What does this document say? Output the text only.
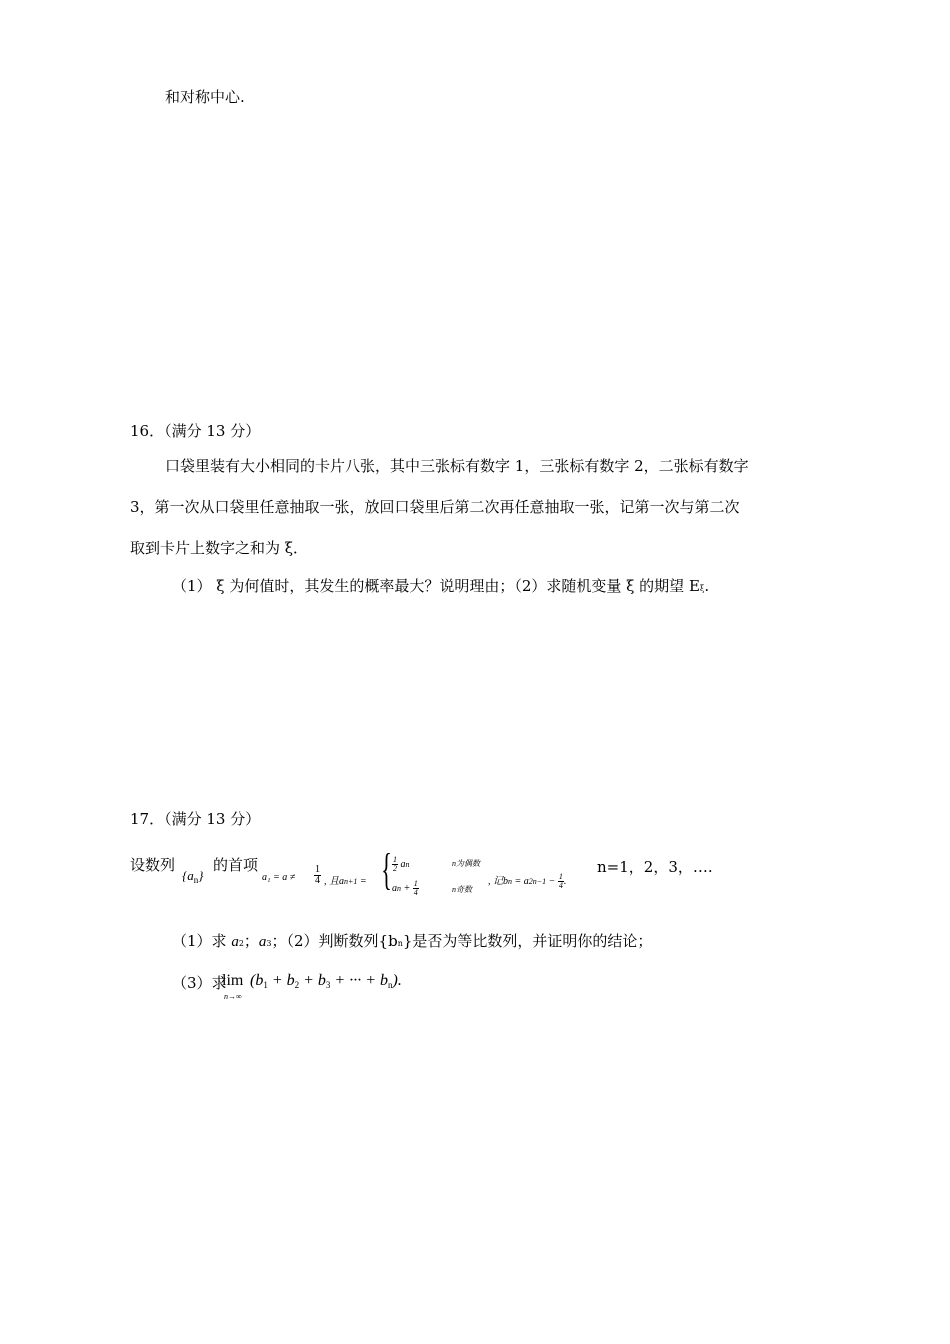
和对称中心.
16．（满分 13 分）
口袋里装有大小相同的卡片八张，其中三张标有数字 1，三张标有数字 2，二张标有数字
3，第一次从口袋里任意抽取一张，放回口袋里后第二次再任意抽取一张，记第一次与第二次
取到卡片上数字之和为 ξ．
（1） ξ 为何值时，其发生的概率最大？说明理由；（2）求随机变量 ξ 的期望 Eξ.
17．（满分 13 分）
设数列
$\{a_n\}$
的首项
$a_1 = a \ne \frac{1}{4}$ , 且an+1 = { $\frac{1}{2}$ an	n为偶数
an + $\frac{1}{4}$	n奇数
, 记bn = $a2n-1 - \frac{1}{4}$ .
n=1，2，3，….
（1）求 a2；a3；（2）判断数列{bn}是否为等比数列，并证明你的结论；
（3）求
lim
n→∞
($b_1 + b_2 + b_3$ + ··· + $b_n$).
